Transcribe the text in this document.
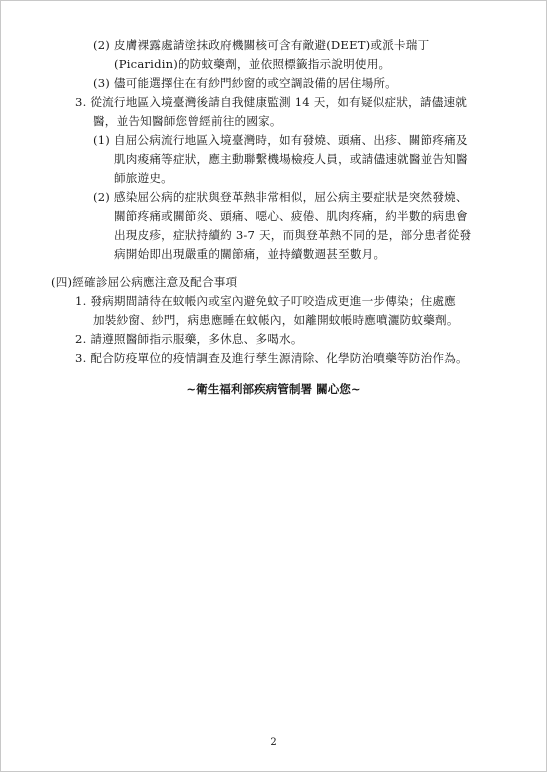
(2) 皮膚裸露處請塗抹政府機關核可含有敵避(DEET)或派卡瑞丁
(Picaridin)的防蚊藥劑，並依照標籤指示說明使用。
(3) 儘可能選擇住在有紗門紗窗的或空調設備的居住場所。
3. 從流行地區入境臺灣後請自我健康監測 14 天，如有疑似症狀，請儘速就
醫，並告知醫師您曾經前往的國家。
(1) 自屈公病流行地區入境臺灣時，如有發燒、頭痛、出疹、關節疼痛及
肌肉痠痛等症狀，應主動聯繫機場檢疫人員，或請儘速就醫並告知醫
師旅遊史。
(2) 感染屈公病的症狀與登革熱非常相似，屈公病主要症狀是突然發燒、
關節疼痛或關節炎、頭痛、噁心、疲倦、肌肉疼痛，約半數的病患會
出現皮疹，症狀持續約 3-7 天，而與登革熱不同的是，部分患者從發
病開始即出現嚴重的關節痛，並持續數週甚至數月。
(四)經確診屈公病應注意及配合事項
1. 發病期間請待在蚊帳內或室內避免蚊子叮咬造成更進一步傳染；住處應
加裝紗窗、紗門，病患應睡在蚊帳內，如離開蚊帳時應噴灑防蚊藥劑。
2. 請遵照醫師指示服藥，多休息、多喝水。
3. 配合防疫單位的疫情調查及進行孳生源清除、化學防治噴藥等防治作為。
~衛生福利部疾病管制署 關心您~
2
